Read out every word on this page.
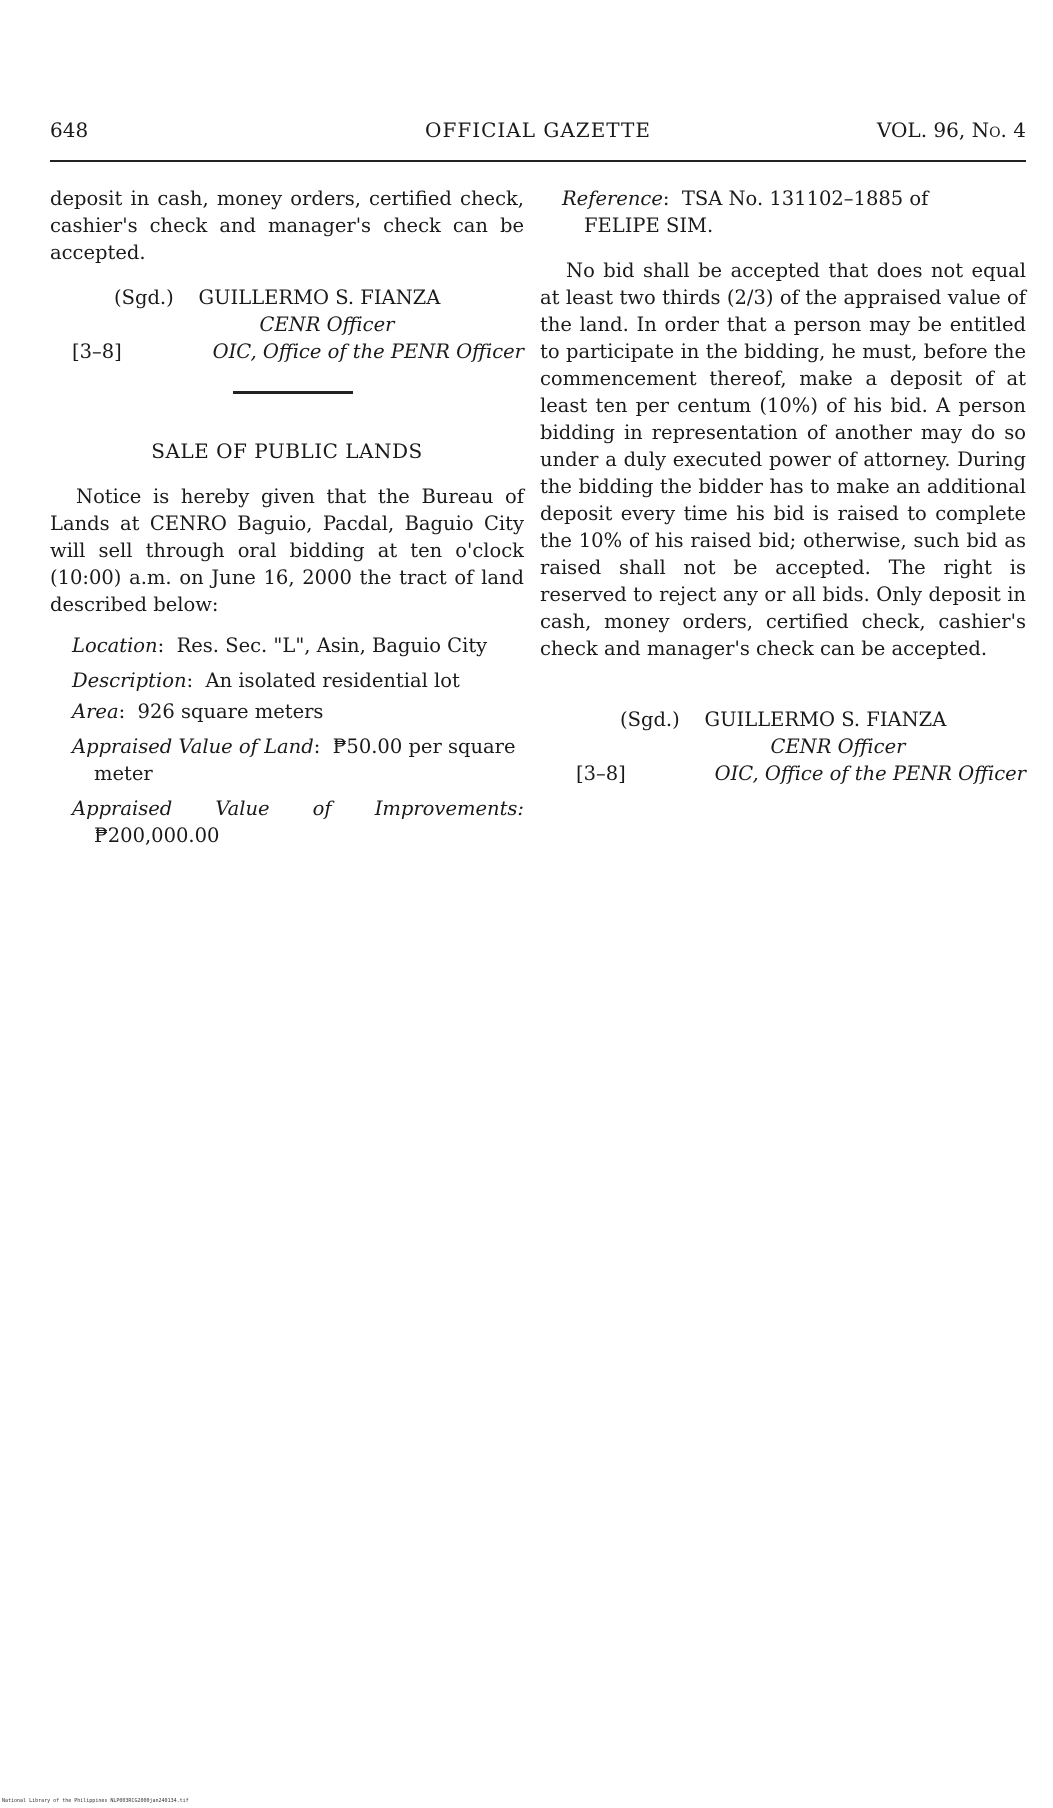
648	OFFICIAL GAZETTE	VOL. 96, No. 4

deposit in cash, money orders, certified check, cashier's check and manager's check can be accepted.

(Sgd.) GUILLERMO S. FIANZA
CENR Officer
[3–8]	OIC, Office of the PENR Officer

SALE OF PUBLIC LANDS

Notice is hereby given that the Bureau of Lands at CENRO Baguio, Pacdal, Baguio City will sell through oral bidding at ten o'clock (10:00) a.m. on June 16, 2000 the tract of land described below:

Location:  Res. Sec. "L", Asin, Baguio City

Description:  An isolated residential lot

Area:  926 square meters

Appraised Value of Land:  ₱50.00 per square meter

Appraised Value of Improvements:
₱200,000.00

Reference:  TSA No. 131102–1885 of
FELIPE SIM.

No bid shall be accepted that does not equal at least two thirds (2/3) of the appraised value of the land. In order that a person may be entitled to participate in the bidding, he must, before the commencement thereof, make a deposit of at least ten per centum (10%) of his bid. A person bidding in representation of another may do so under a duly executed power of attorney. During the bidding the bidder has to make an additional deposit every time his bid is raised to complete the 10% of his raised bid; otherwise, such bid as raised shall not be accepted. The right is reserved to reject any or all bids. Only deposit in cash, money orders, certified check, cashier's check and manager's check can be accepted.

(Sgd.) GUILLERMO S. FIANZA
CENR Officer
[3–8]	OIC, Office of the PENR Officer
National Library of the Philippines NLP003RCG2000jan240134.tif
